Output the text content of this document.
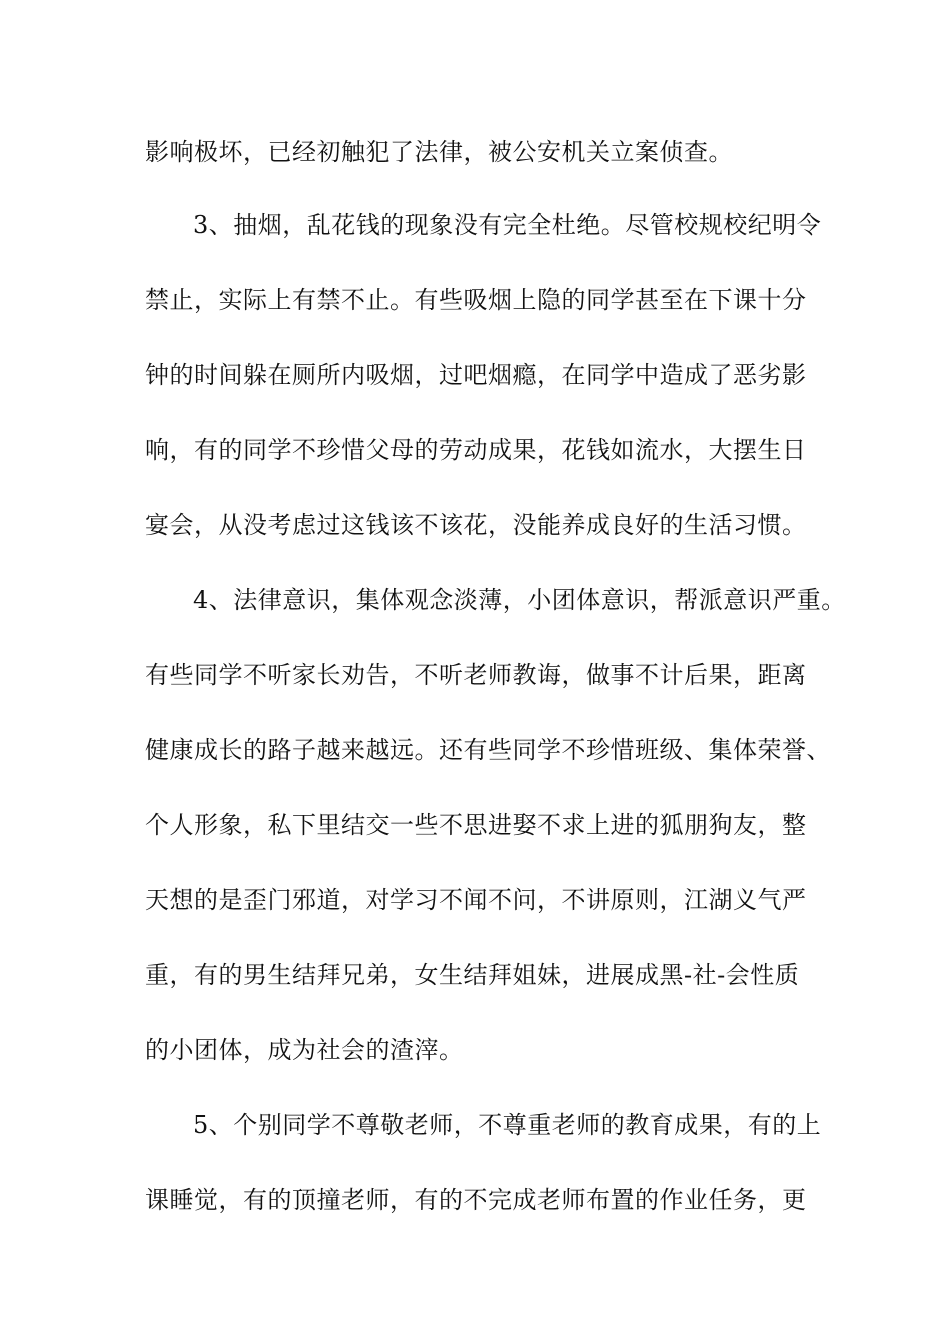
影响极坏，已经初触犯了法律，被公安机关立案侦查。
3、抽烟，乱花钱的现象没有完全杜绝。尽管校规校纪明令
禁止，实际上有禁不止。有些吸烟上隐的同学甚至在下课十分
钟的时间躲在厕所内吸烟，过吧烟瘾，在同学中造成了恶劣影
响，有的同学不珍惜父母的劳动成果，花钱如流水，大摆生日
宴会，从没考虑过这钱该不该花，没能养成良好的生活习惯。
4、法律意识，集体观念淡薄，小团体意识，帮派意识严重。
有些同学不听家长劝告，不听老师教诲，做事不计后果，距离
健康成长的路子越来越远。还有些同学不珍惜班级、集体荣誉、
个人形象，私下里结交一些不思进娶不求上进的狐朋狗友，整
天想的是歪门邪道，对学习不闻不问，不讲原则，江湖义气严
重，有的男生结拜兄弟，女生结拜姐妹，进展成黑-社-会性质
的小团体，成为社会的渣滓。
5、个别同学不尊敬老师，不尊重老师的教育成果，有的上
课睡觉，有的顶撞老师，有的不完成老师布置的作业任务，更
